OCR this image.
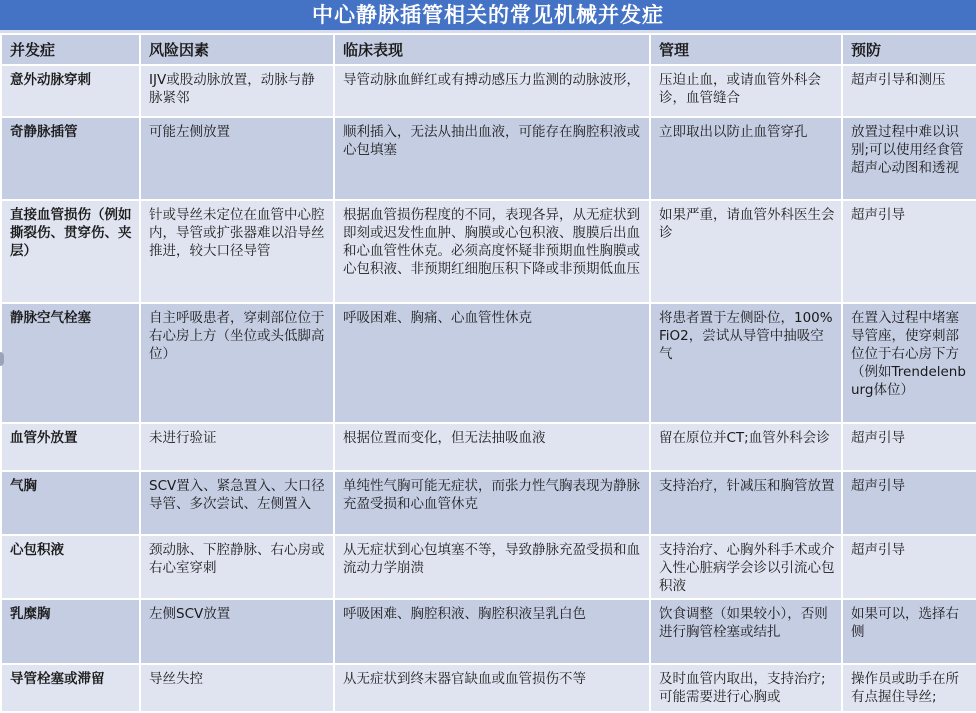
中心静脉插管相关的常见机械并发症
并发症	风险因素	临床表现	管理	预防
意外动脉穿刺	IJV或股动脉放置，动脉与静脉紧邻	导管动脉血鲜红或有搏动感压力监测的动脉波形，	压迫止血，或请血管外科会诊，血管缝合	超声引导和测压
奇静脉插管	可能左侧放置	顺利插入，无法从抽出血液，可能存在胸腔积液或心包填塞	立即取出以防止血管穿孔	放置过程中难以识别;可以使用经食管超声心动图和透视
直接血管损伤（例如撕裂伤、贯穿伤、夹层）	针或导丝未定位在血管中心腔内，导管或扩张器难以沿导丝推进，较大口径导管	根据血管损伤程度的不同，表现各异，从无症状到即刻或迟发性血肿、胸膜或心包积液、腹膜后出血和心血管性休克。必须高度怀疑非预期血性胸膜或心包积液、非预期红细胞压积下降或非预期低血压	如果严重，请血管外科医生会诊	超声引导
静脉空气栓塞	自主呼吸患者，穿刺部位位于右心房上方（坐位或头低脚高位）	呼吸困难、胸痛、心血管性休克	将患者置于左侧卧位，100% FiO2，尝试从导管中抽吸空气	在置入过程中堵塞导管座，使穿刺部位位于右心房下方（例如Trendelenburg体位）
血管外放置	未进行验证	根据位置而变化，但无法抽吸血液	留在原位并CT;血管外科会诊	超声引导
气胸	SCV置入、紧急置入、大口径导管、多次尝试、左侧置入	单纯性气胸可能无症状，而张力性气胸表现为静脉充盈受损和心血管休克	支持治疗，针减压和胸管放置	超声引导
心包积液	颈动脉、下腔静脉、右心房或右心室穿刺	从无症状到心包填塞不等，导致静脉充盈受损和血流动力学崩溃	支持治疗、心胸外科手术或介入性心脏病学会诊以引流心包积液	超声引导
乳糜胸	左侧SCV放置	呼吸困难、胸腔积液、胸腔积液呈乳白色	饮食调整（如果较小），否则进行胸管栓塞或结扎	如果可以，选择右侧
导管栓塞或滞留	导丝失控	从无症状到终末器官缺血或血管损伤不等	及时血管内取出，支持治疗;可能需要进行心胸或	操作员或助手在所有点握住导丝;
